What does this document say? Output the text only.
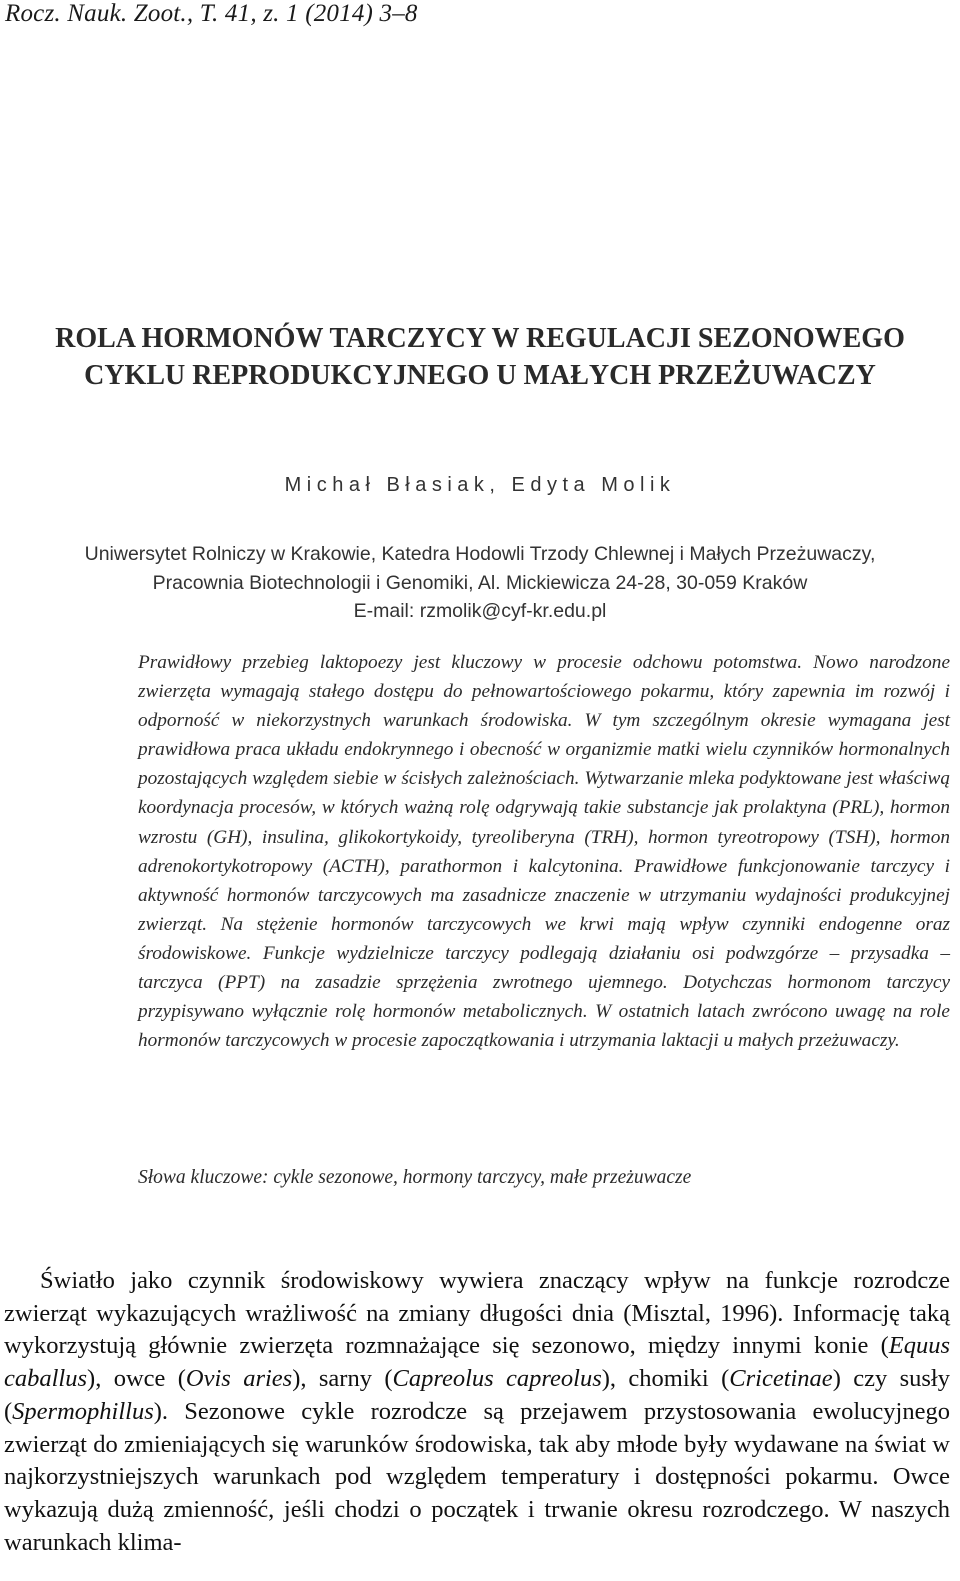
Rocz. Nauk. Zoot., T. 41, z. 1 (2014) 3–8
ROLA HORMONÓW TARCZYCY W REGULACJI SEZONOWEGO
CYKLU REPRODUKCYJNEGO U MAŁYCH PRZEŻUWACZY
Michał Błasiak, Edyta Molik
Uniwersytet Rolniczy w Krakowie, Katedra Hodowli Trzody Chlewnej i Małych Przeżuwaczy,
Pracownia Biotechnologii i Genomiki, Al. Mickiewicza 24-28, 30-059 Kraków
E-mail: rzmolik@cyf-kr.edu.pl

Prawidłowy przebieg laktopoezy jest kluczowy w procesie odchowu potomstwa. Nowo narodzone zwierzęta wymagają stałego dostępu do pełnowartościowego pokarmu, który zapewnia im rozwój i odporność w niekorzystnych warunkach środowiska. W tym szczególnym okresie wymagana jest prawidłowa praca układu endokrynnego i obecność w organizmie matki wielu czynników hormonalnych pozostających względem siebie w ścisłych zależnościach. Wytwarzanie mleka podyktowane jest właściwą koordynacja procesów, w których ważną rolę odgrywają takie substancje jak prolaktyna (PRL), hormon wzrostu (GH), insulina, glikokortykoidy, tyreoliberyna (TRH), hormon tyreotropowy (TSH), hormon adrenokortykotropowy (ACTH), parathormon i kalcytonina. Prawidłowe funkcjonowanie tarczycy i aktywność hormonów tarczycowych ma zasadnicze znaczenie w utrzymaniu wydajności produkcyjnej zwierząt. Na stężenie hormonów tarczycowych we krwi mają wpływ czynniki endogenne oraz środowiskowe. Funkcje wydzielnicze tarczycy podlegają działaniu osi podwzgórze – przysadka – tarczyca (PPT) na zasadzie sprzężenia zwrotnego ujemnego. Dotychczas hormonom tarczycy przypisywano wyłącznie rolę hormonów metabolicznych. W ostatnich latach zwrócono uwagę na role hormonów tarczycowych w procesie zapoczątkowania i utrzymania laktacji u małych przeżuwaczy.

Słowa kluczowe: cykle sezonowe, hormony tarczycy, małe przeżuwacze

Światło jako czynnik środowiskowy wywiera znaczący wpływ na funkcje rozrodcze zwierząt wykazujących wrażliwość na zmiany długości dnia (Misztal, 1996). Informację taką wykorzystują głównie zwierzęta rozmnażające się sezonowo, między innymi konie (Equus caballus), owce (Ovis aries), sarny (Capreolus capreolus), chomiki (Cricetinae) czy susły (Spermophillus). Sezonowe cykle rozrodcze są przejawem przystosowania ewolucyjnego zwierząt do zmieniających się warunków środowiska, tak aby młode były wydawane na świat w najkorzystniejszych warunkach pod względem temperatury i dostępności pokarmu. Owce wykazują dużą zmienność, jeśli chodzi o początek i trwanie okresu rozrodczego. W naszych warunkach klima-
